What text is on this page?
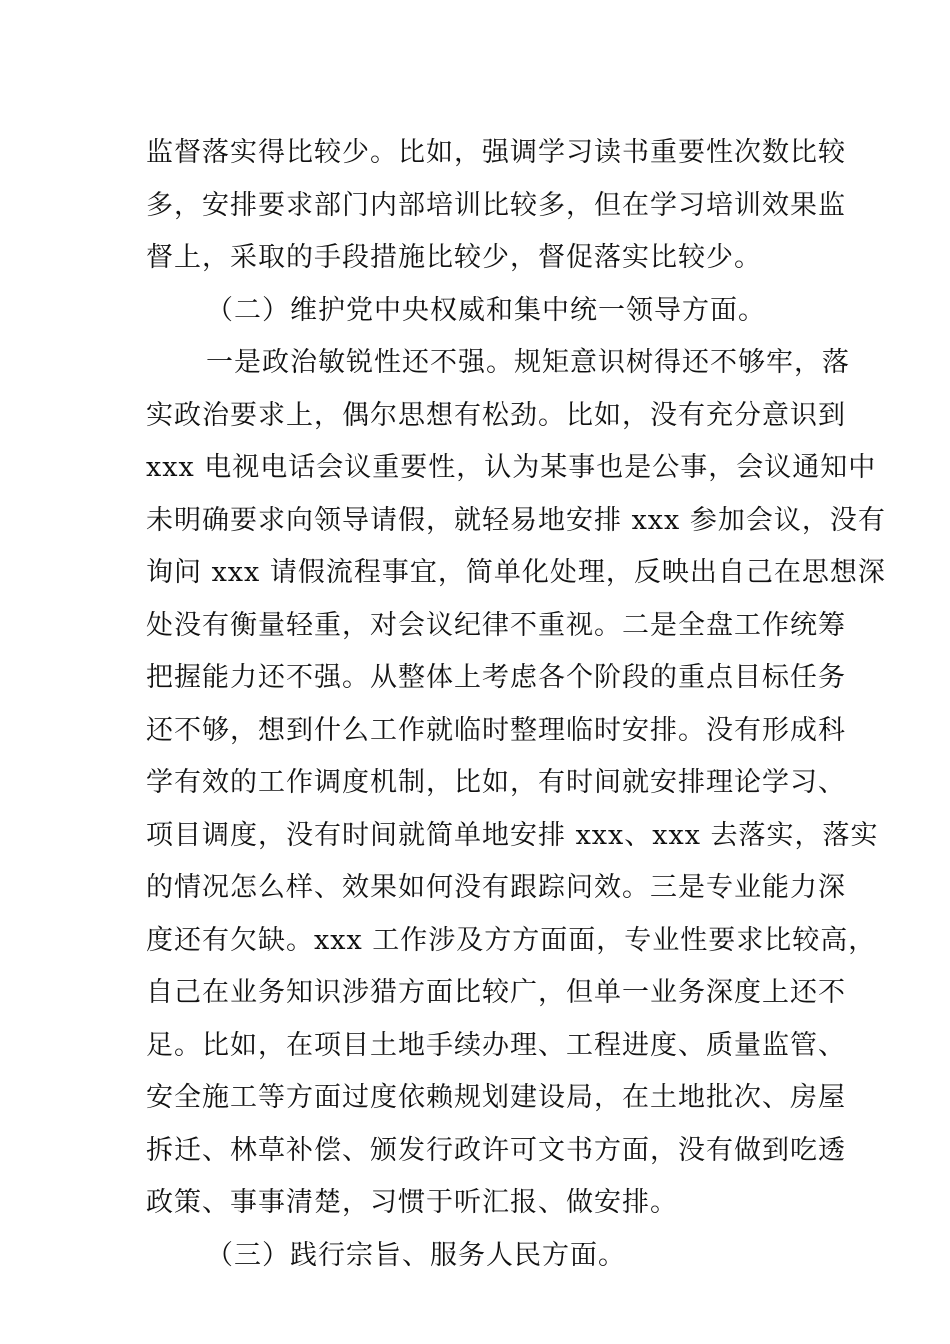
监督落实得比较少。比如，强调学习读书重要性次数比较
多，安排要求部门内部培训比较多，但在学习培训效果监
督上，采取的手段措施比较少，督促落实比较少。
（二）维护党中央权威和集中统一领导方面。
一是政治敏锐性还不强。规矩意识树得还不够牢，落
实政治要求上，偶尔思想有松劲。比如，没有充分意识到
xxx 电视电话会议重要性，认为某事也是公事，会议通知中
未明确要求向领导请假，就轻易地安排 xxx 参加会议，没有
询问 xxx 请假流程事宜，简单化处理，反映出自己在思想深
处没有衡量轻重，对会议纪律不重视。二是全盘工作统筹
把握能力还不强。从整体上考虑各个阶段的重点目标任务
还不够，想到什么工作就临时整理临时安排。没有形成科
学有效的工作调度机制，比如，有时间就安排理论学习、
项目调度，没有时间就简单地安排 xxx、xxx 去落实，落实
的情况怎么样、效果如何没有跟踪问效。三是专业能力深
度还有欠缺。xxx 工作涉及方方面面，专业性要求比较高，
自己在业务知识涉猎方面比较广，但单一业务深度上还不
足。比如，在项目土地手续办理、工程进度、质量监管、
安全施工等方面过度依赖规划建设局，在土地批次、房屋
拆迁、林草补偿、颁发行政许可文书方面，没有做到吃透
政策、事事清楚，习惯于听汇报、做安排。
（三）践行宗旨、服务人民方面。
